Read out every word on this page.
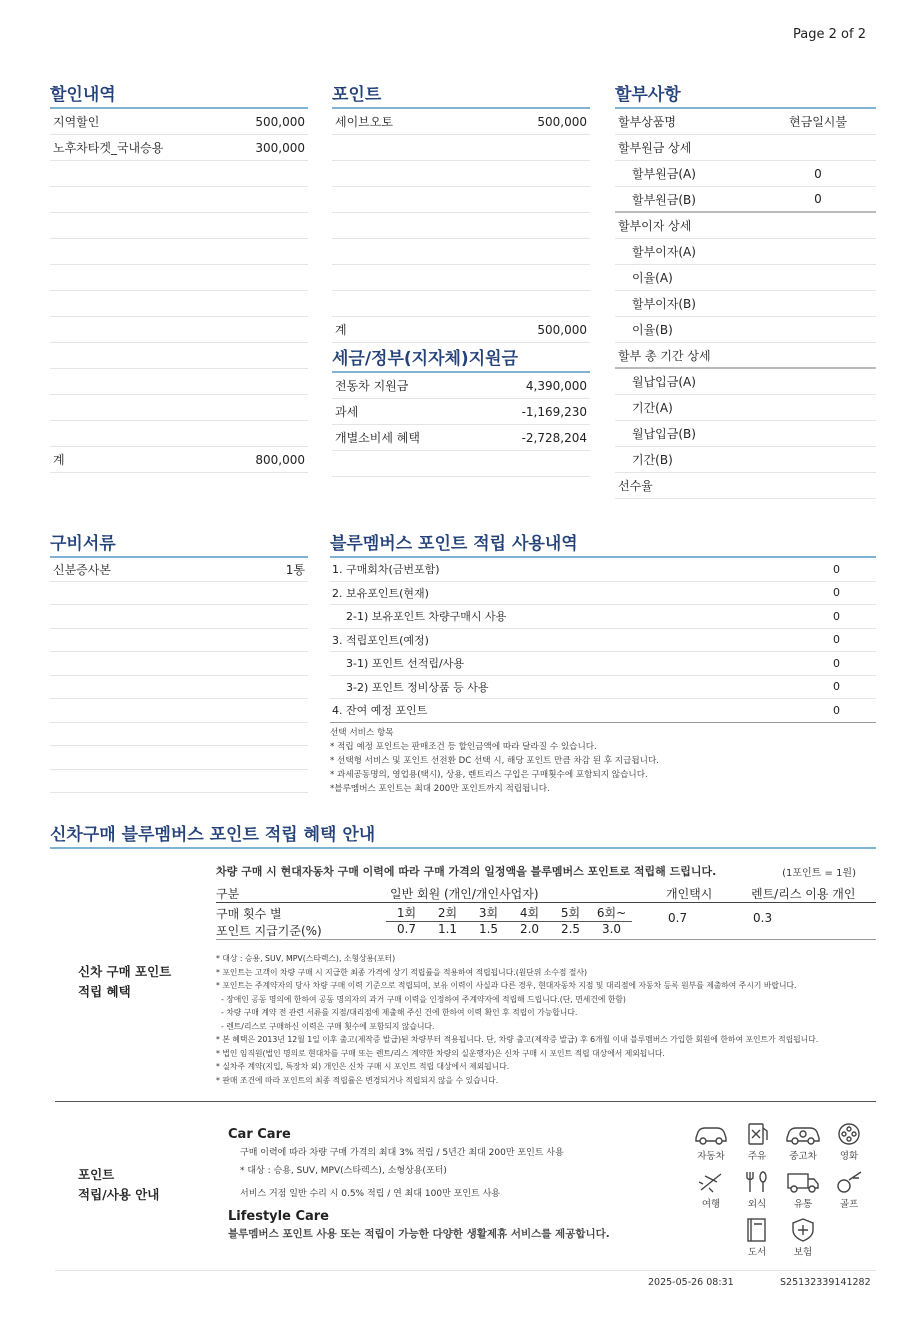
Page 2 of 2
할인내역
지역할인	500,000
노후차타겟_국내승용	300,000
계	800,000
포인트
세이브오토	500,000
계	500,000
세금/정부(지자체)지원금
전동차 지원금	4,390,000
과세	-1,169,230
개별소비세 혜택	-2,728,204
할부사항
할부상품명	현금일시불
할부원금 상세
할부원금(A)	0
할부원금(B)	0
할부이자 상세
할부이자(A)
이율(A)
할부이자(B)
이율(B)
할부 총 기간 상세
월납입금(A)
기간(A)
월납입금(B)
기간(B)
선수율
구비서류
신분증사본	1통
블루멤버스 포인트 적립 사용내역
1. 구매회차(금번포함)	0
2. 보유포인트(현재)	0
2-1) 보유포인트 차량구매시 사용	0
3. 적립포인트(예정)	0
3-1) 포인트 선적립/사용	0
3-2) 포인트 정비상품 등 사용	0
4. 잔여 예정 포인트	0
선택 서비스 항목
* 적립 예정 포인트는 판매조건 등 할인금액에 따라 달라질 수 있습니다.
* 선택형 서비스 및 포인트 선전환 DC 선택 시, 해당 포인트 만큼 차감 된 후 지급됩니다.
* 과세공동명의, 영업용(택시), 상용, 렌트리스 구입은 구매횟수에 포함되지 않습니다.
*블루멤버스 포인트는 최대 200만 포인트까지 적립됩니다.
신차구매 블루멤버스 포인트 적립 혜택 안내
신차 구매 포인트
적립 혜택
차량 구매 시 현대자동차 구매 이력에 따라 구매 가격의 일정액을 블루멤버스 포인트로 적립해 드립니다.	(1포인트 = 1원)
구분	일반 회원 (개인/개인사업자)	개인택시	렌트/리스 이용 개인
구매 횟수 별
포인트 지급기준(%)
1회	2회	3회	4회	5회	6회~
0.7	1.1	1.5	2.0	2.5	3.0
0.7	0.3
* 대상 : 승용, SUV, MPV(스타렉스), 소형상용(포터)
* 포인트는 고객이 차량 구매 시 지급한 최종 가격에 상기 적립률을 적용하여 적립됩니다.(원단위 소수점 절사)
* 포인트는 주계약자의 당사 차량 구매 이력 기준으로 적립되며, 보유 이력이 사실과 다른 경우, 현대자동차 지점 및 대리점에 자동차 등록 원부를 제출하여 주시기 바랍니다.
- 장애인 공동 명의에 한하여 공동 명의자의 과거 구매 이력을 인정하여 주계약자에 적립해 드립니다.(단, 면세건에 한함)
- 차량 구매 계약 전 관련 서류를 지점/대리점에 제출해 주신 건에 한하여 이력 확인 후 적립이 가능합니다.
- 렌트/리스로 구매하신 이력은 구매 횟수에 포함되지 않습니다.
* 본 혜택은 2013년 12월 1일 이후 출고(제작증 발급)된 차량부터 적용됩니다. 단, 차량 출고(제작증 발급) 후 6개월 이내 블루멤버스 가입한 회원에 한하여 포인트가 적립됩니다.
* 법인 임직원(법인 명의로 현대차를 구매 또는 렌트/리스 계약한 차량의 실운행자)은 신차 구매 시 포인트 적립 대상에서 제외됩니다.
* 실차주 계약(지입, 특장차 외) 개인은 신차 구매 시 포인트 적립 대상에서 제외됩니다.
* 판매 조건에 따라 포인트의 최종 적립률은 변경되거나 적립되지 않을 수 있습니다.
포인트
적립/사용 안내
Car Care
구매 이력에 따라 차량 구매 가격의 최대 3% 적립 / 5년간 최대 200만 포인트 사용
* 대상 : 승용, SUV, MPV(스타렉스), 소형상용(포터)
서비스 거점 일반 수리 시 0.5% 적립 / 연 최대 100만 포인트 사용
Lifestyle Care
블루멤버스 포인트 사용 또는 적립이 가능한 다양한 생활제휴 서비스를 제공합니다.
자동차	주유	중고차	영화
여행	외식	유통	골프
도서	보험
2025-05-26 08:31	S25132339141282
